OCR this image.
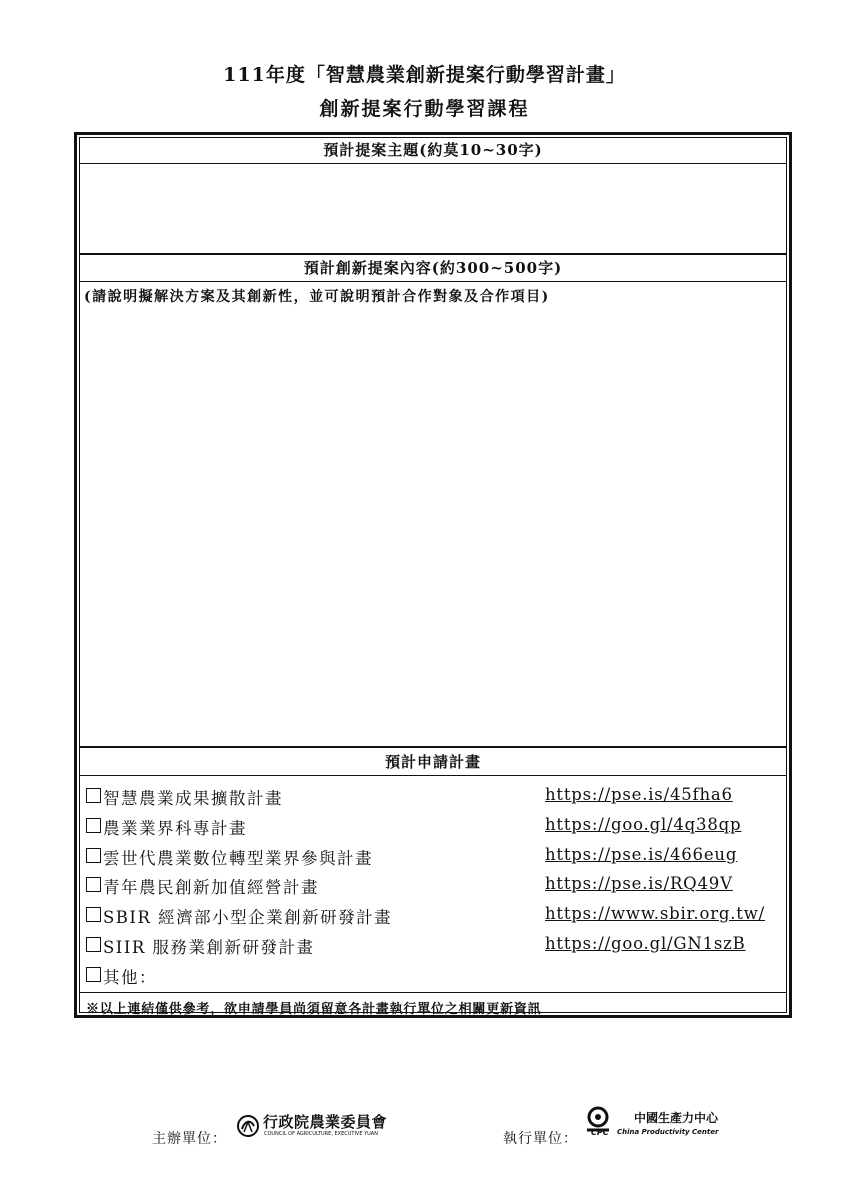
111年度「智慧農業創新提案行動學習計畫」
創新提案行動學習課程
預計提案主題(約莫10~30字)
預計創新提案內容(約300~500字)
(請說明擬解決方案及其創新性，並可說明預計合作對象及合作項目)
預計申請計畫
智慧農業成果擴散計畫	https://pse.is/45fha6
農業業界科專計畫	https://goo.gl/4q38qp
雲世代農業數位轉型業界參與計畫	https://pse.is/466eug
青年農民創新加值經營計畫	https://pse.is/RQ49V
SBIR 經濟部小型企業創新研發計畫	https://www.sbir.org.tw/
SIIR 服務業創新研發計畫	https://goo.gl/GN1szB
其他：
※以上連結僅供參考，欲申請學員尚須留意各計畫執行單位之相關更新資訊
主辦單位：
行政院農業委員會
COUNCIL OF AGRICULTURE, EXECUTIVE YUAN	執行單位： CPC
中國生產力中心
China Productivity Center
